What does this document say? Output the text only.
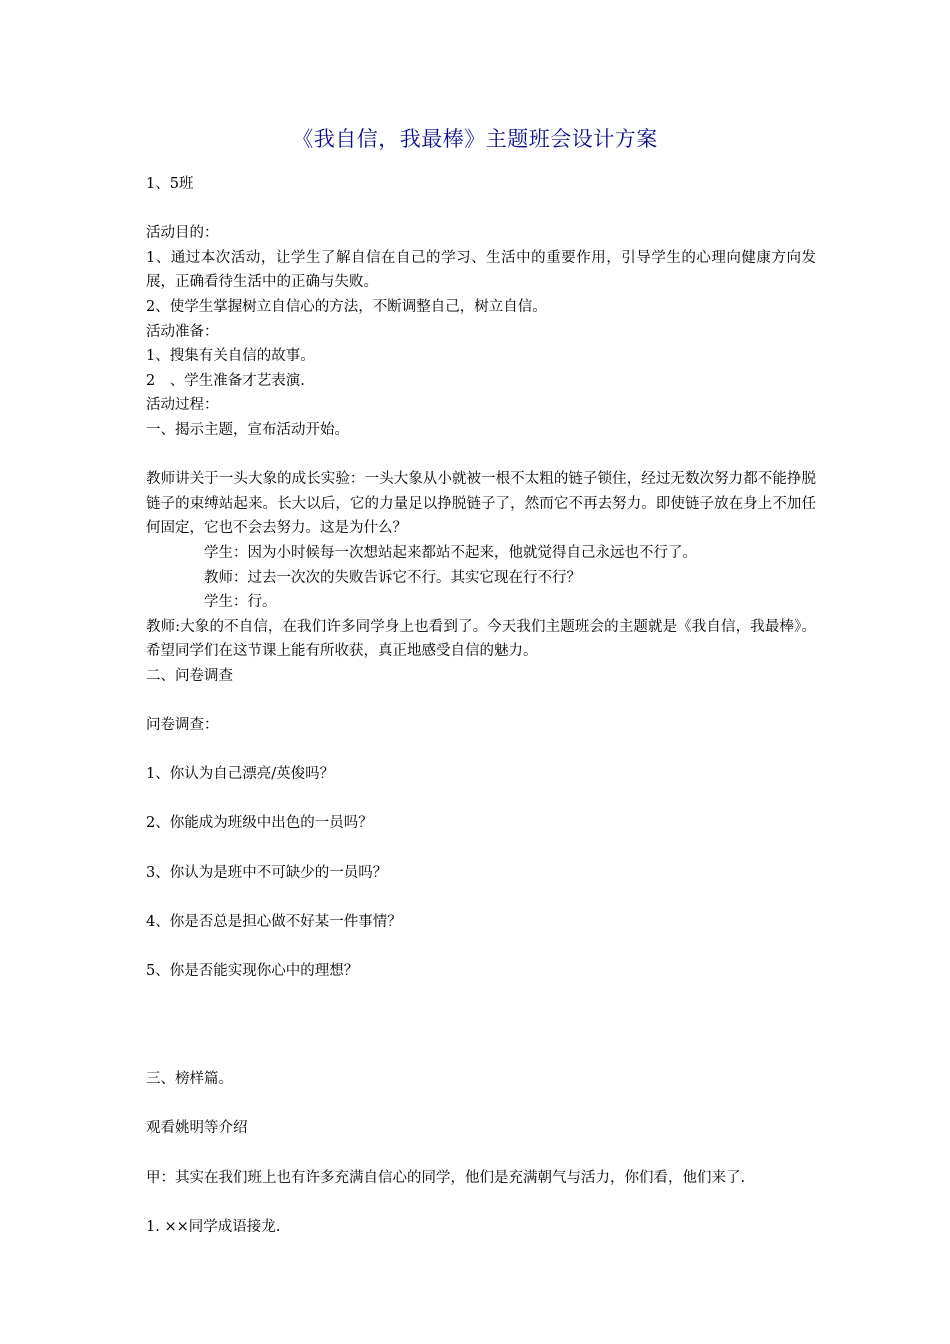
《我自信，我最棒》主题班会设计方案

1、5班

活动目的：

1、通过本次活动，让学生了解自信在自己的学习、生活中的重要作用，引导学生的心理向健康方向发展，正确看待生活中的正确与失败。

2、使学生掌握树立自信心的方法，不断调整自己，树立自信。

活动准备：

1、搜集有关自信的故事。

2　、学生准备才艺表演.

活动过程：

一、揭示主题，宣布活动开始。

教师讲关于一头大象的成长实验：一头大象从小就被一根不太粗的链子锁住，经过无数次努力都不能挣脱链子的束缚站起来。长大以后，它的力量足以挣脱链子了，然而它不再去努力。即使链子放在身上不加任何固定，它也不会去努力。这是为什么？

学生：因为小时候每一次想站起来都站不起来，他就觉得自己永远也不行了。

教师：过去一次次的失败告诉它不行。其实它现在行不行？

学生：行。

教师:大象的不自信，在我们许多同学身上也看到了。今天我们主题班会的主题就是《我自信，我最棒》。希望同学们在这节课上能有所收获，真正地感受自信的魅力。

二、问卷调查

问卷调查：

1、你认为自己漂亮/英俊吗？

2、你能成为班级中出色的一员吗？

3、你认为是班中不可缺少的一员吗？

4、你是否总是担心做不好某一件事情？

5、你是否能实现你心中的理想？

三、榜样篇。

观看姚明等介绍

甲：其实在我们班上也有许多充满自信心的同学，他们是充满朝气与活力，你们看，他们来了.

1. ××同学成语接龙.
